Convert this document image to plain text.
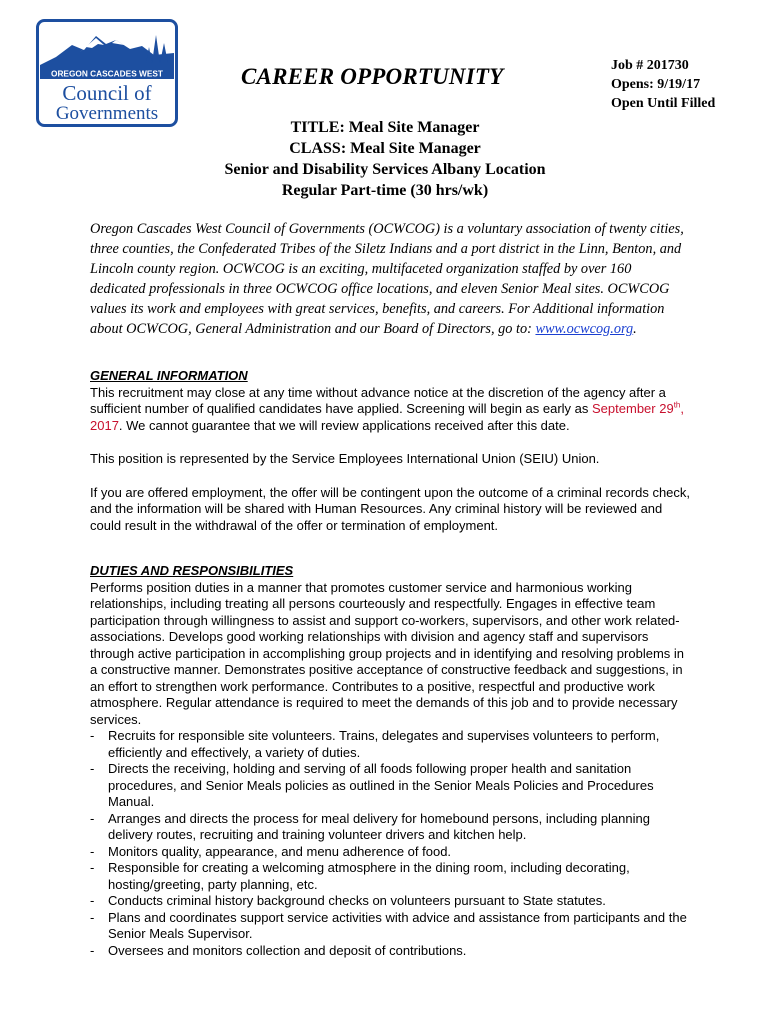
OREGON CASCADES WEST
Council of
Governments
CAREER OPPORTUNITY	Job # 201730
Opens: 9/19/17
Open Until Filled
TITLE: Meal Site Manager
CLASS: Meal Site Manager
Senior and Disability Services Albany Location
Regular Part-time (30 hrs/wk)

Oregon Cascades West Council of Governments (OCWCOG) is a voluntary association of twenty cities, three counties, the Confederated Tribes of the Siletz Indians and a port district in the Linn, Benton, and Lincoln county region. OCWCOG is an exciting, multifaceted organization staffed by over 160 dedicated professionals in three OCWCOG office locations, and eleven Senior Meal sites. OCWCOG values its work and employees with great services, benefits, and careers. For Additional information about OCWCOG, General Administration and our Board of Directors, go to: www.ocwcog.org.

GENERAL INFORMATION
This recruitment may close at any time without advance notice at the discretion of the agency after a sufficient number of qualified candidates have applied. Screening will begin as early as September 29th, 2017. We cannot guarantee that we will review applications received after this date.
This position is represented by the Service Employees International Union (SEIU) Union.
If you are offered employment, the offer will be contingent upon the outcome of a criminal records check, and the information will be shared with Human Resources. Any criminal history will be reviewed and could result in the withdrawal of the offer or termination of employment.
DUTIES AND RESPONSIBILITIES
Performs position duties in a manner that promotes customer service and harmonious working relationships, including treating all persons courteously and respectfully. Engages in effective team participation through willingness to assist and support co-workers, supervisors, and other work related-associations. Develops good working relationships with division and agency staff and supervisors through active participation in accomplishing group projects and in identifying and resolving problems in a constructive manner. Demonstrates positive acceptance of constructive feedback and suggestions, in an effort to strengthen work performance. Contributes to a positive, respectful and productive work atmosphere. Regular attendance is required to meet the demands of this job and to provide necessary services.
- Recruits for responsible site volunteers. Trains, delegates and supervises volunteers to perform, efficiently and effectively, a variety of duties.
- Directs the receiving, holding and serving of all foods following proper health and sanitation procedures, and Senior Meals policies as outlined in the Senior Meals Policies and Procedures Manual.
- Arranges and directs the process for meal delivery for homebound persons, including planning delivery routes, recruiting and training volunteer drivers and kitchen help.
- Monitors quality, appearance, and menu adherence of food.
- Responsible for creating a welcoming atmosphere in the dining room, including decorating, hosting/greeting, party planning, etc.
- Conducts criminal history background checks on volunteers pursuant to State statutes.
- Plans and coordinates support service activities with advice and assistance from participants and the Senior Meals Supervisor.
- Oversees and monitors collection and deposit of contributions.
